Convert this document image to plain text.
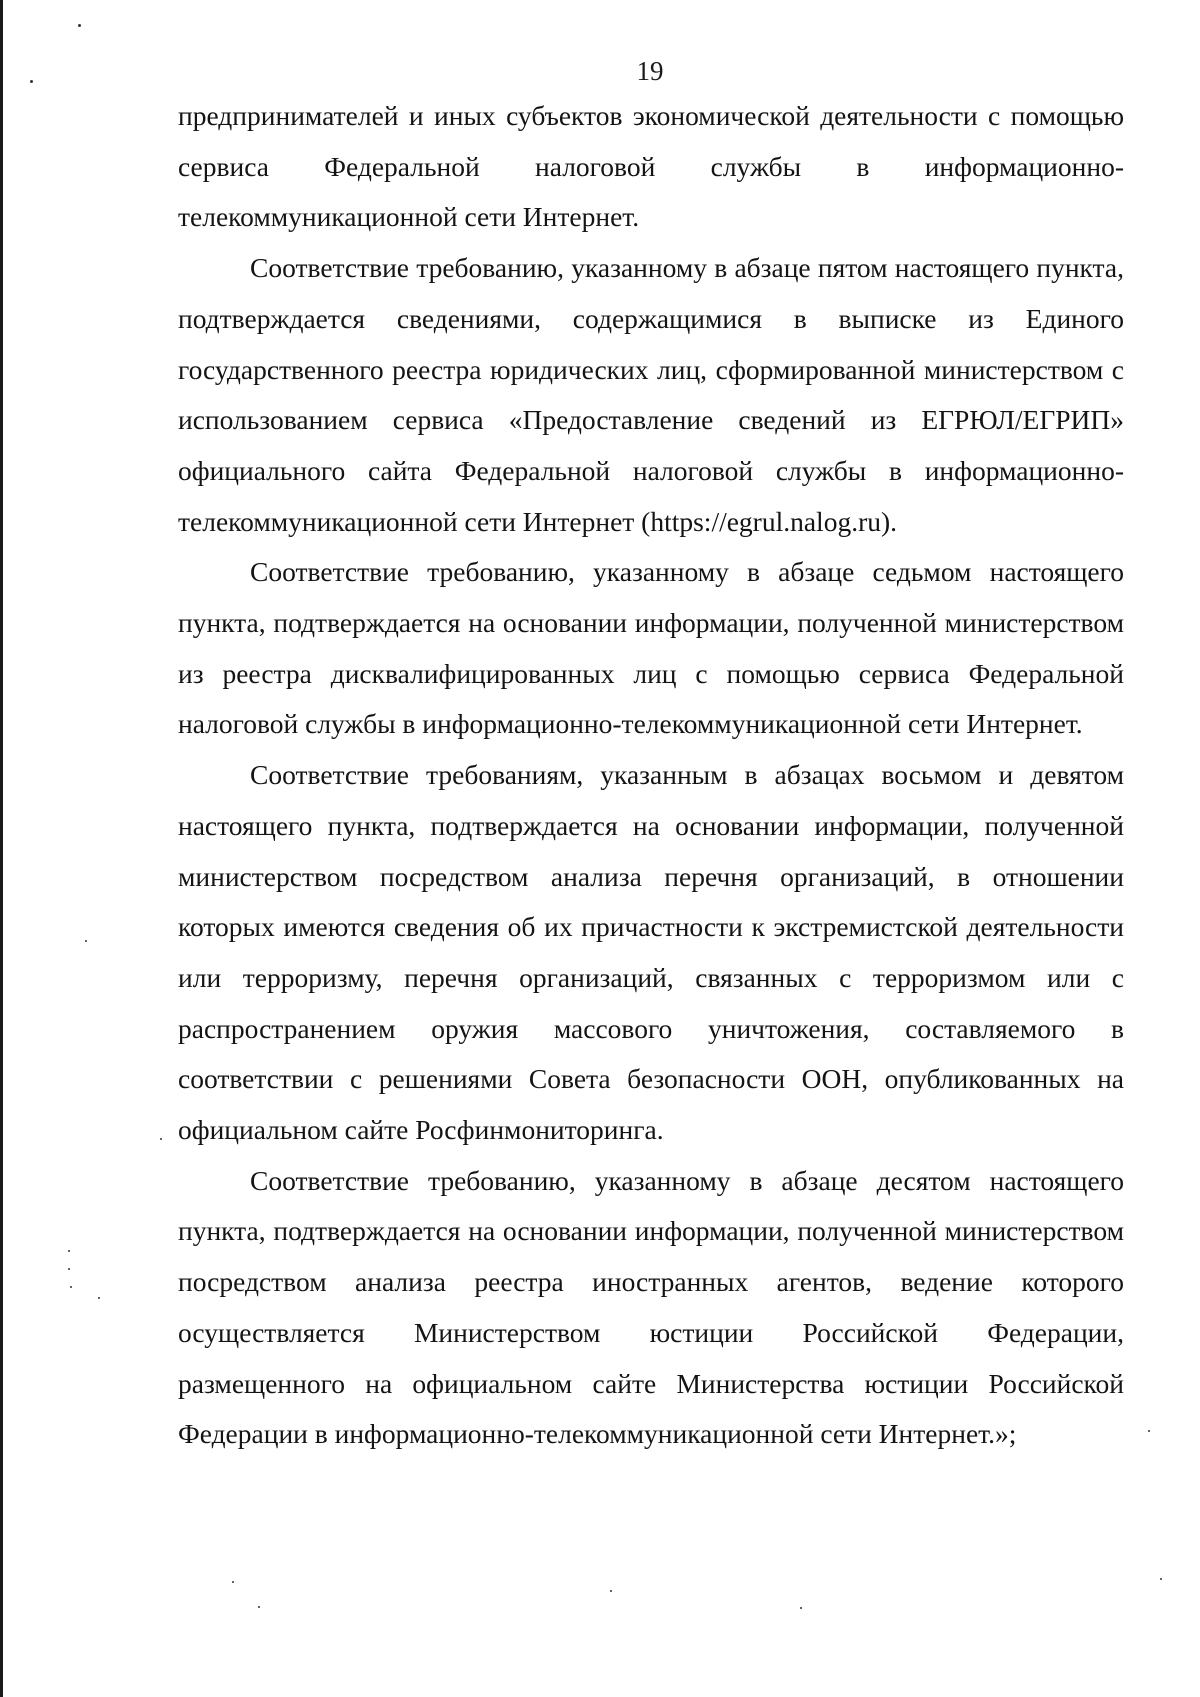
19

предпринимателей и иных субъектов экономической деятельности с помощью сервиса Федеральной налоговой службы в информационно-телекоммуникационной сети Интернет.

Соответствие требованию, указанному в абзаце пятом настоящего пункта, подтверждается сведениями, содержащимися в выписке из Единого государственного реестра юридических лиц, сформированной министерством с использованием сервиса «Предоставление сведений из ЕГРЮЛ/ЕГРИП» официального сайта Федеральной налоговой службы в информационно-телекоммуникационной сети Интернет (https://egrul.nalog.ru).

Соответствие требованию, указанному в абзаце седьмом настоящего пункта, подтверждается на основании информации, полученной министерством из реестра дисквалифицированных лиц с помощью сервиса Федеральной налоговой службы в информационно-телекоммуникационной сети Интернет.

Соответствие требованиям, указанным в абзацах восьмом и девятом настоящего пункта, подтверждается на основании информации, полученной министерством посредством анализа перечня организаций, в отношении которых имеются сведения об их причастности к экстремистской деятельности или терроризму, перечня организаций, связанных с терроризмом или с распространением оружия массового уничтожения, составляемого в соответствии с решениями Совета безопасности ООН, опубликованных на официальном сайте Росфинмониторинга.

Соответствие требованию, указанному в абзаце десятом настоящего пункта, подтверждается на основании информации, полученной министерством посредством анализа реестра иностранных агентов, ведение которого осуществляется Министерством юстиции Российской Федерации, размещенного на официальном сайте Министерства юстиции Российской Федерации в информационно-телекоммуникационной сети Интернет.»;
